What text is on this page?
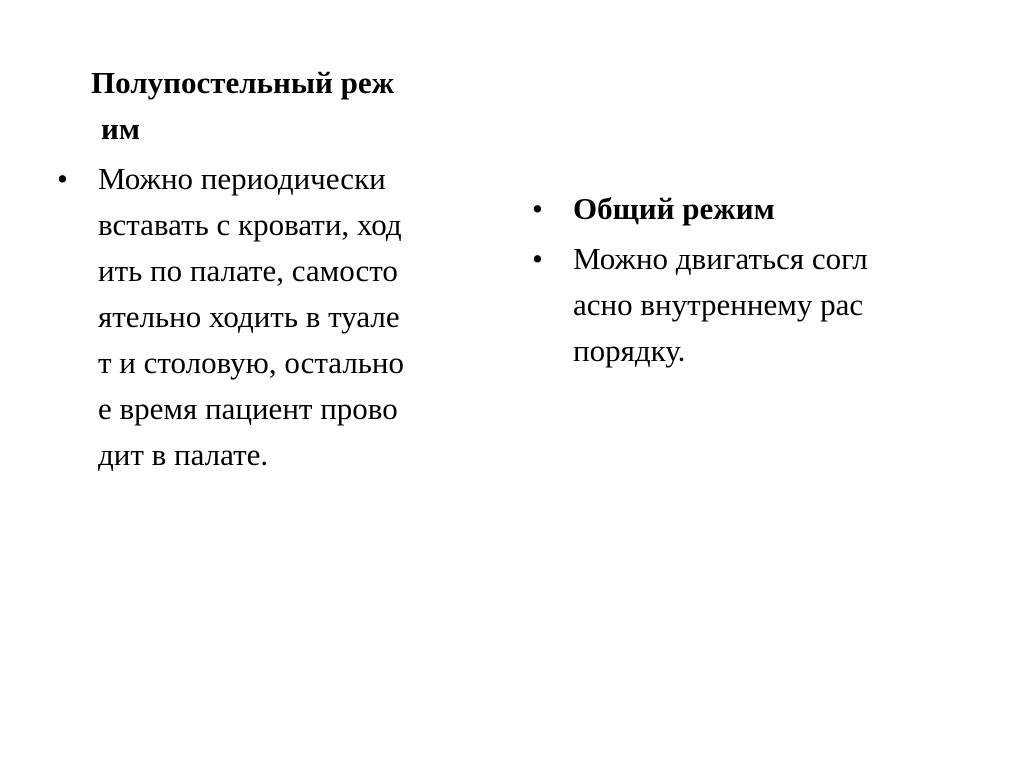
Полупостельный реж
им
• Можно периодически
вставать с кровати, ход
ить по палате, самосто
ятельно ходить в туале
т и столовую, остально
е время пациент прово
дит в палате.
• Общий режим
• Можно двигаться согл
асно внутреннему рас
порядку.
